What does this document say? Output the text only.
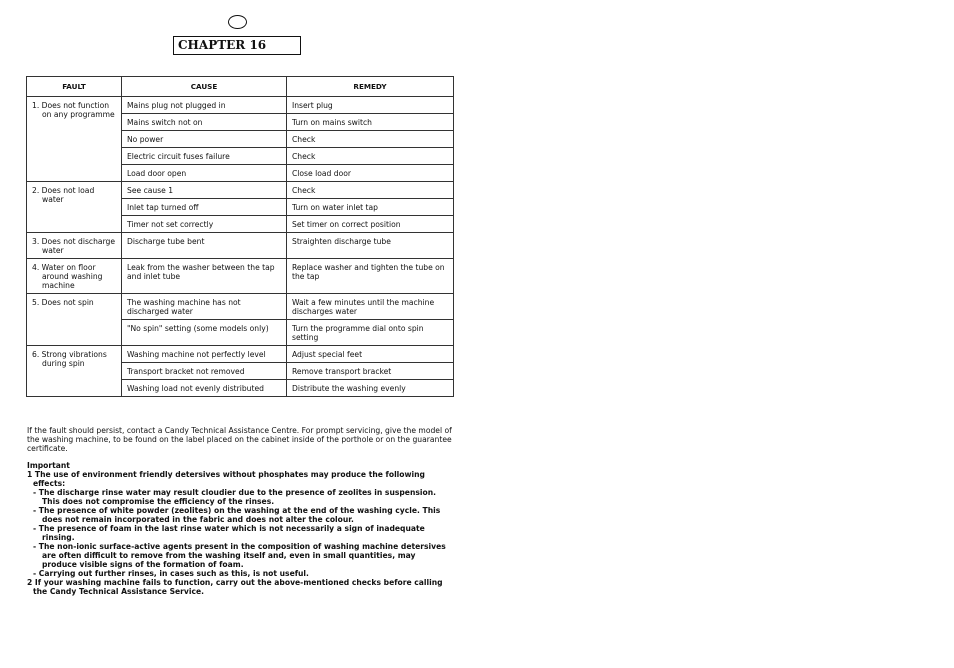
CHAPTER 16
FAULT	CAUSE	REMEDY

1. Does not function on any programme	Mains plug not plugged in	Insert plug
	Mains switch not on	Turn on mains switch
	No power	Check
	Electric circuit fuses failure	Check
	Load door open	Close load door

2. Does not load water	See cause 1	Check
	Inlet tap turned off	Turn on water inlet tap
	Timer not set correctly	Set timer on correct position

3. Does not discharge water	Discharge tube bent	Straighten discharge tube

4. Water on floor around washing machine	Leak from the washer between the tap and inlet tube	Replace washer and tighten the tube on the tap

5. Does not spin	The washing machine has not discharged water	Wait a few minutes until the machine discharges water
	"No spin" setting (some models only)	Turn the programme dial onto spin setting

6. Strong vibrations during spin	Washing machine not perfectly level	Adjust special feet
	Transport bracket not removed	Remove transport bracket
	Washing load not evenly distributed	Distribute the washing evenly

If the fault should persist, contact a Candy Technical Assistance Centre. For prompt servicing, give the model of the washing machine, to be found on the label placed on the cabinet inside of the porthole or on the guarantee certificate.

Important

1 The use of environment friendly detersives without phosphates may produce the following effects:

- The discharge rinse water may result cloudier due to the presence of zeolites in suspension. This does not compromise the efficiency of the rinses.

- The presence of white powder (zeolites) on the washing at the end of the washing cycle. This does not remain incorporated in the fabric and does not alter the colour.

- The presence of foam in the last rinse water which is not necessarily a sign of inadequate rinsing.

- The non-ionic surface-active agents present in the composition of washing machine detersives are often difficult to remove from the washing itself and, even in small quantities, may produce visible signs of the formation of foam.

- Carrying out further rinses, in cases such as this, is not useful.

2 If your washing machine fails to function, carry out the above-mentioned checks before calling the Candy Technical Assistance Service.
